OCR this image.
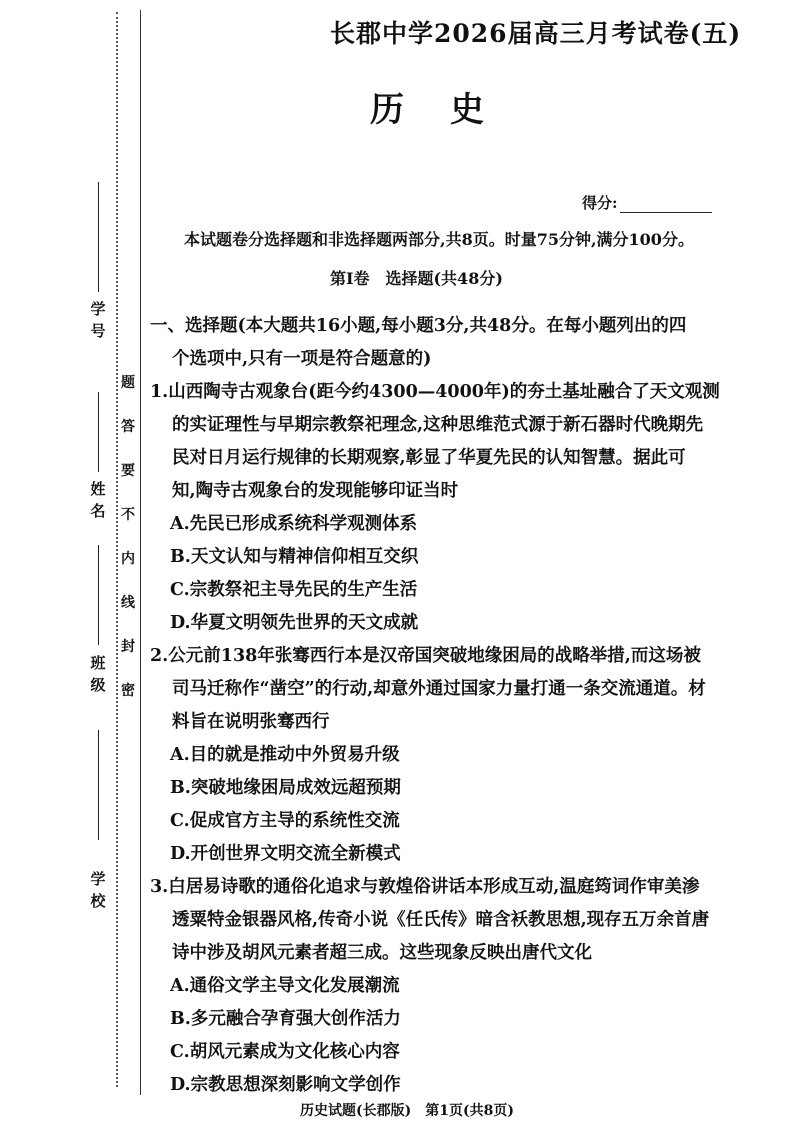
题
答
要
不
内
线
封
密
学号
姓名
班级
学校
长郡中学2026届高三月考试卷(五)
历史
得分:
本试题卷分选择题和非选择题两部分,共8页。时量75分钟,满分100分。
第Ⅰ卷　选择题(共48分)

一、选择题(本大题共16小题,每小题3分,共48分。在每小题列出的四

个选项中,只有一项是符合题意的)

1.山西陶寺古观象台(距今约4300—4000年)的夯土基址融合了天文观测

的实证理性与早期宗教祭祀理念,这种思维范式源于新石器时代晚期先

民对日月运行规律的长期观察,彰显了华夏先民的认知智慧。据此可

知,陶寺古观象台的发现能够印证当时

A.先民已形成系统科学观测体系

B.天文认知与精神信仰相互交织

C.宗教祭祀主导先民的生产生活

D.华夏文明领先世界的天文成就

2.公元前138年张骞西行本是汉帝国突破地缘困局的战略举措,而这场被

司马迁称作“凿空”的行动,却意外通过国家力量打通一条交流通道。材

料旨在说明张骞西行

A.目的就是推动中外贸易升级

B.突破地缘困局成效远超预期

C.促成官方主导的系统性交流

D.开创世界文明交流全新模式

3.白居易诗歌的通俗化追求与敦煌俗讲话本形成互动,温庭筠词作审美渗

透粟特金银器风格,传奇小说《任氏传》暗含袄教思想,现存五万余首唐

诗中涉及胡风元素者超三成。这些现象反映出唐代文化

A.通俗文学主导文化发展潮流

B.多元融合孕育强大创作活力

C.胡风元素成为文化核心内容

D.宗教思想深刻影响文学创作

历史试题(长郡版)　第1页(共8页)
